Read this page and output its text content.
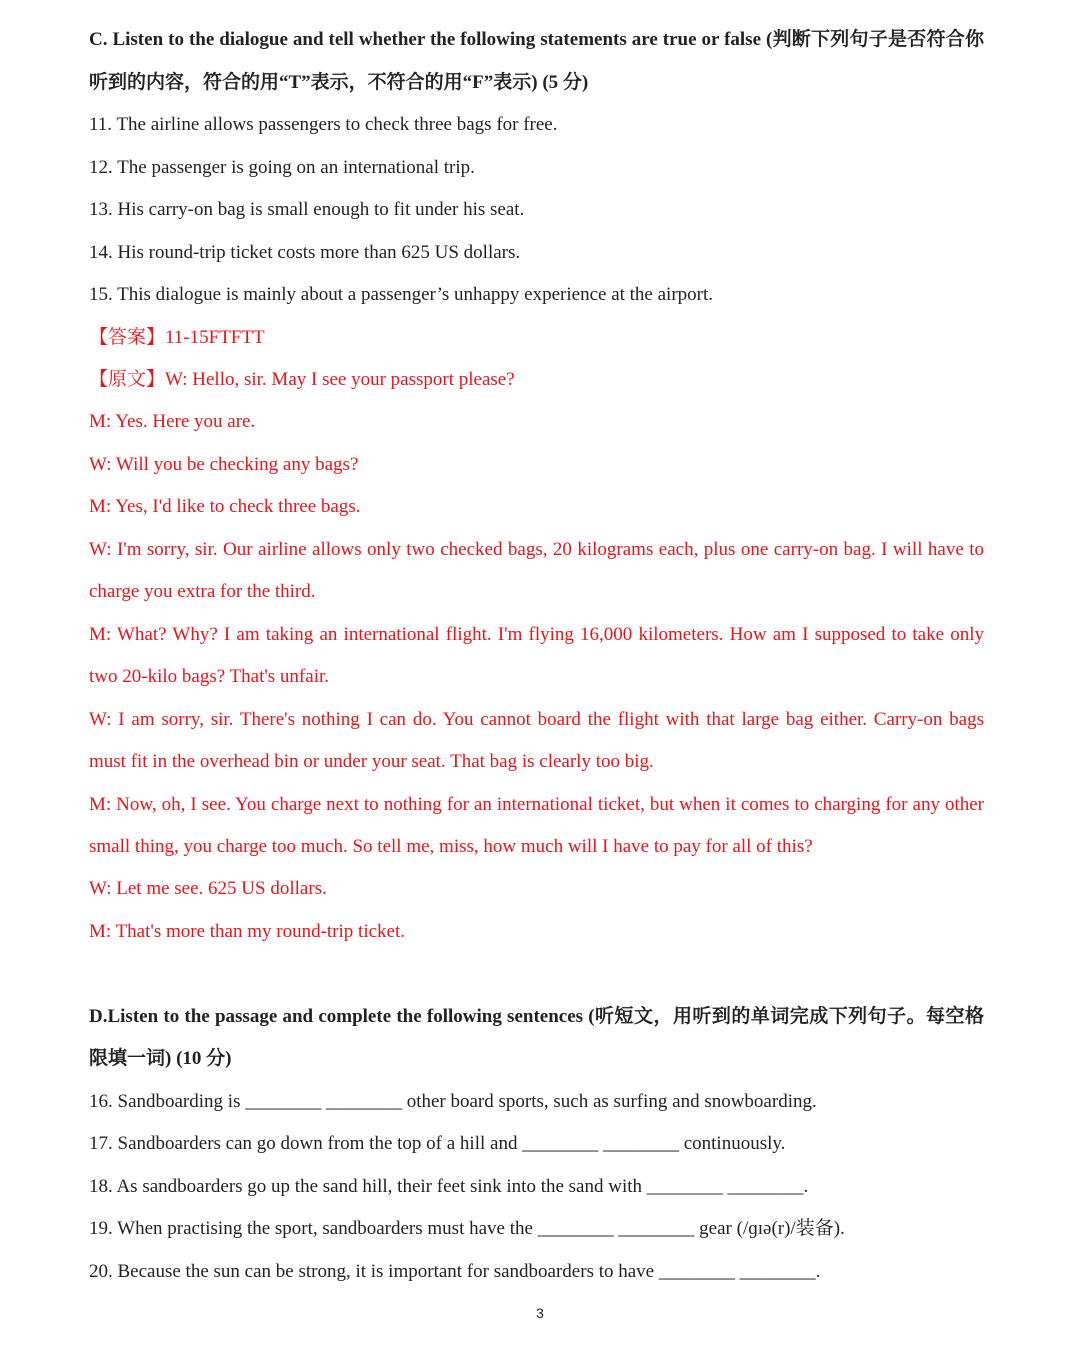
C. Listen to the dialogue and tell whether the following statements are true or false (判断下列句子是否符合你
听到的内容，符合的用“T”表示，不符合的用“F”表示) (5 分)
11. The airline allows passengers to check three bags for free.
12. The passenger is going on an international trip.
13. His carry-on bag is small enough to fit under his seat.
14. His round-trip ticket costs more than 625 US dollars.
15. This dialogue is mainly about a passenger’s unhappy experience at the airport.
【答案】11-15FTFTT
【原文】W: Hello, sir. May I see your passport please?
M: Yes. Here you are.
W: Will you be checking any bags?
M: Yes, I'd like to check three bags.
W: I'm sorry, sir. Our airline allows only two checked bags, 20 kilograms each, plus one carry-on bag. I will have to
charge you extra for the third.
M: What? Why? I am taking an international flight. I'm flying 16,000 kilometers. How am I supposed to take only
two 20-kilo bags? That's unfair.
W: I am sorry, sir. There's nothing I can do. You cannot board the flight with that large bag either. Carry-on bags
must fit in the overhead bin or under your seat. That bag is clearly too big.
M: Now, oh, I see. You charge next to nothing for an international ticket, but when it comes to charging for any other
small thing, you charge too much. So tell me, miss, how much will I have to pay for all of this?
W: Let me see. 625 US dollars.
M: That's more than my round-trip ticket.
D.Listen to the passage and complete the following sentences (听短文，用听到的单词完成下列句子。每空格
限填一词) (10 分)
16. Sandboarding is ________ ________ other board sports, such as surfing and snowboarding.
17. Sandboarders can go down from the top of a hill and ________ ________ continuously.
18. As sandboarders go up the sand hill, their feet sink into the sand with ________ ________.
19. When practising the sport, sandboarders must have the ________ ________ gear (/ɡɪə(r)/装备).
20. Because the sun can be strong, it is important for sandboarders to have ________ ________.
3
